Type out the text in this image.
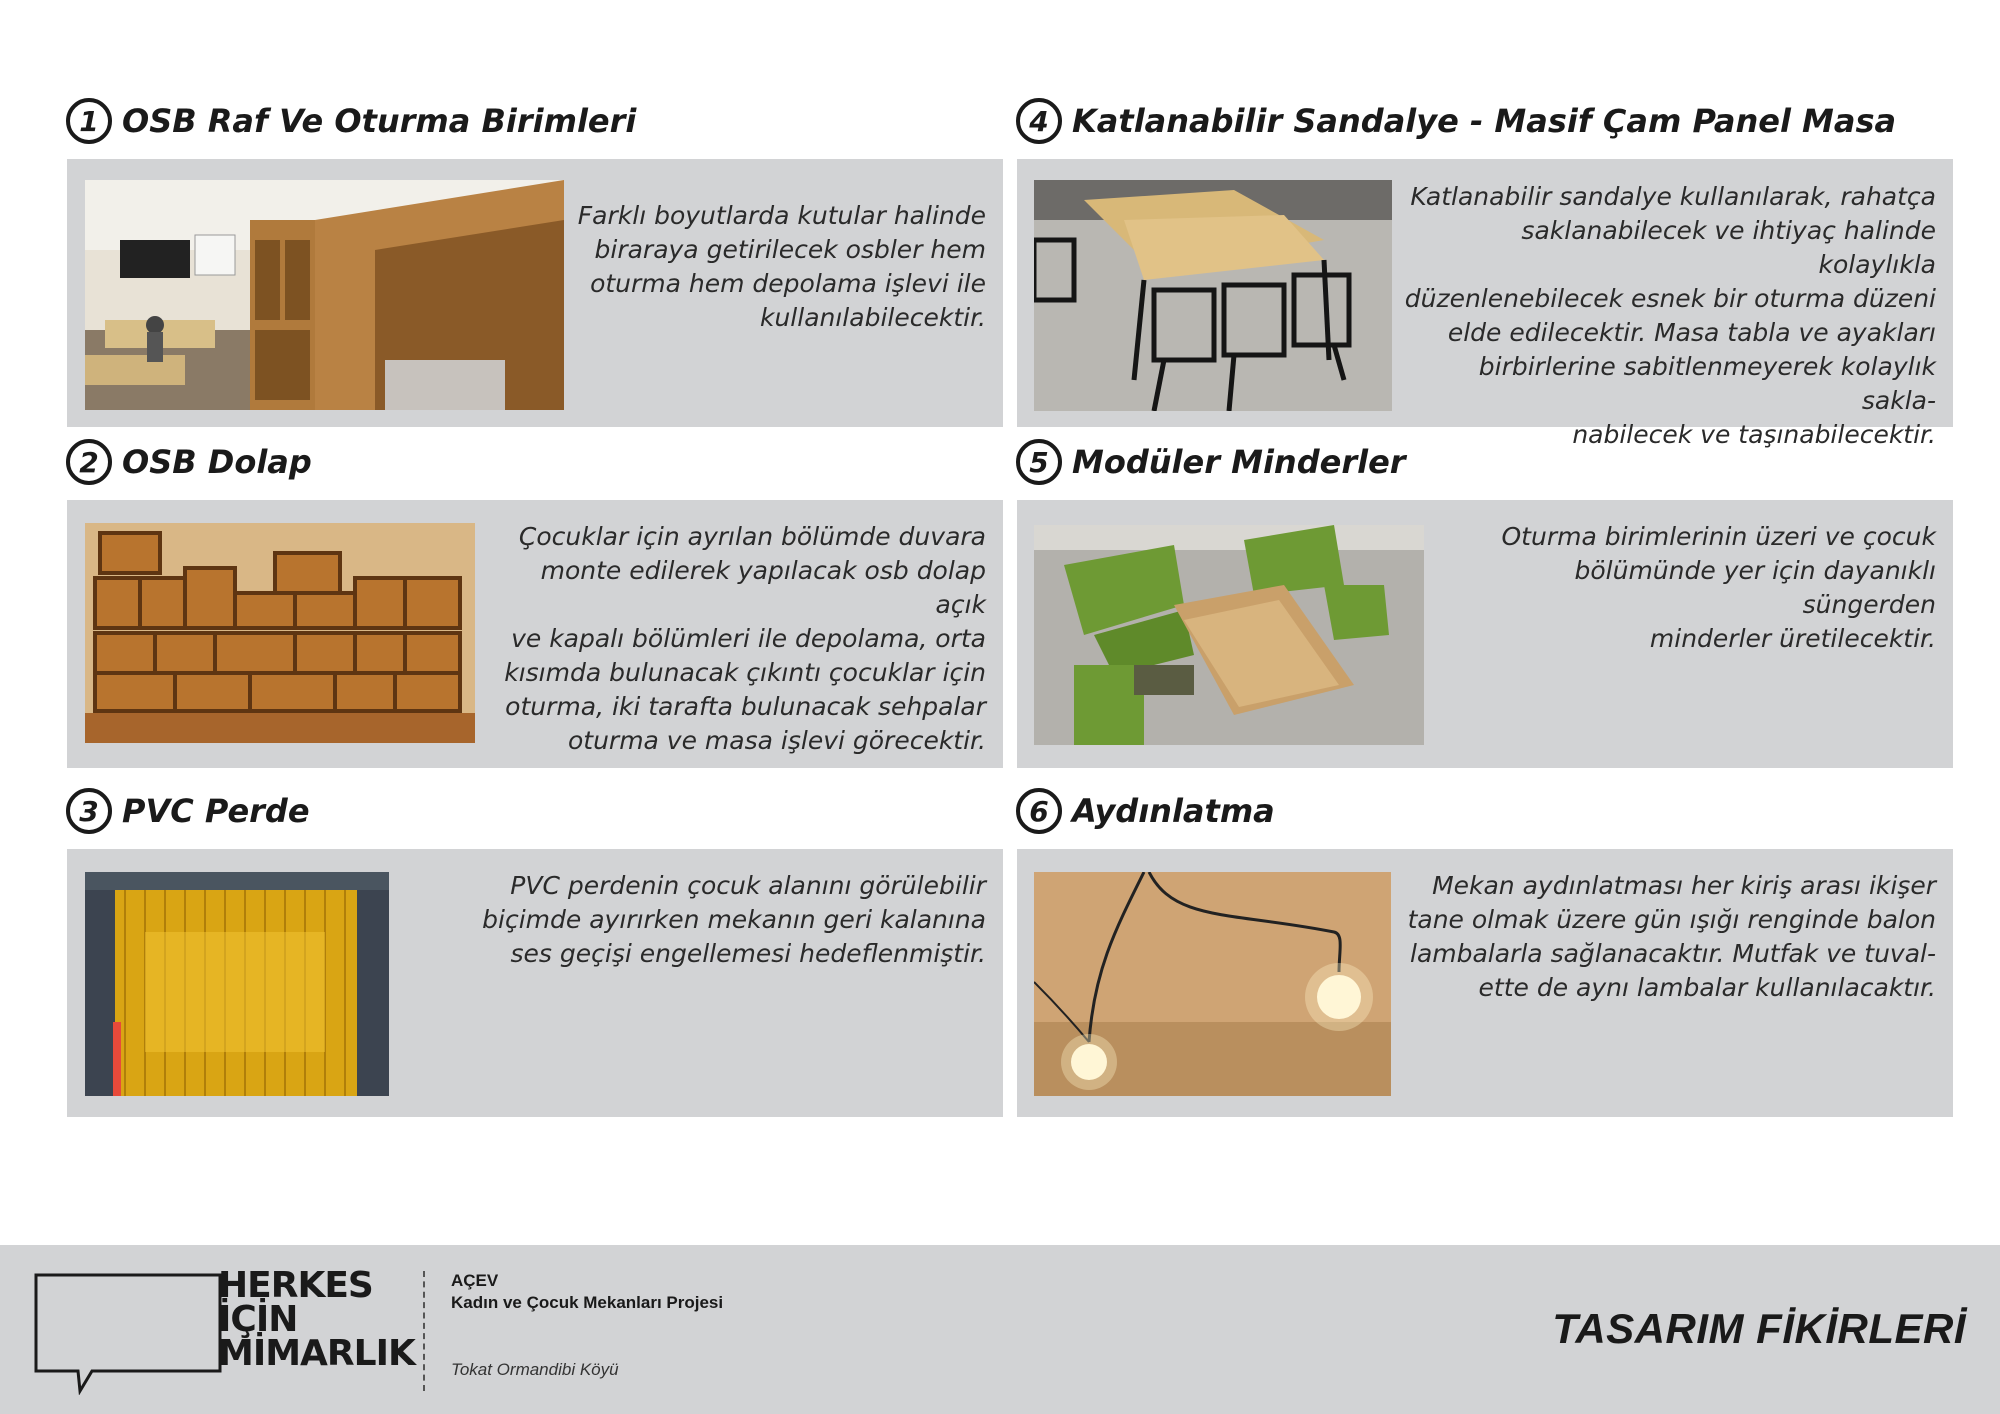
1 OSB Raf Ve Oturma Birimleri
Farklı boyutlarda kutular halinde
biraraya getirilecek osbler hem
oturma hem depolama işlevi ile
kullanılabilecektir.
2 OSB Dolap
Çocuklar için ayrılan bölümde duvara
monte edilerek yapılacak osb dolap açık
ve kapalı bölümleri ile depolama, orta
kısımda bulunacak çıkıntı çocuklar için
oturma, iki tarafta bulunacak sehpalar
oturma ve masa işlevi görecektir.
3 PVC Perde
PVC perdenin çocuk alanını görülebilir
biçimde ayırırken mekanın geri kalanına
ses geçişi engellemesi hedeflenmiştir.
4 Katlanabilir Sandalye - Masif Çam Panel Masa
Katlanabilir sandalye kullanılarak, rahatça
saklanabilecek ve ihtiyaç halinde kolaylıkla
düzenlenebilecek esnek bir oturma düzeni
elde edilecektir. Masa tabla ve ayakları
birbirlerine sabitlenmeyerek kolaylık sakla-
nabilecek ve taşınabilecektir.
5 Modüler Minderler
Oturma birimlerinin üzeri ve çocuk
bölümünde yer için dayanıklı süngerden
minderler üretilecektir.
6 Aydınlatma
Mekan aydınlatması her kiriş arası ikişer
tane olmak üzere gün ışığı renginde balon
lambalarla sağlanacaktır. Mutfak ve tuval-
ette de aynı lambalar kullanılacaktır.
HERKES
İÇİN
MİMARLIK
AÇEV
Kadın ve Çocuk Mekanları Projesi
Tokat Ormandibi Köyü
TASARIM FİKİRLERİ
